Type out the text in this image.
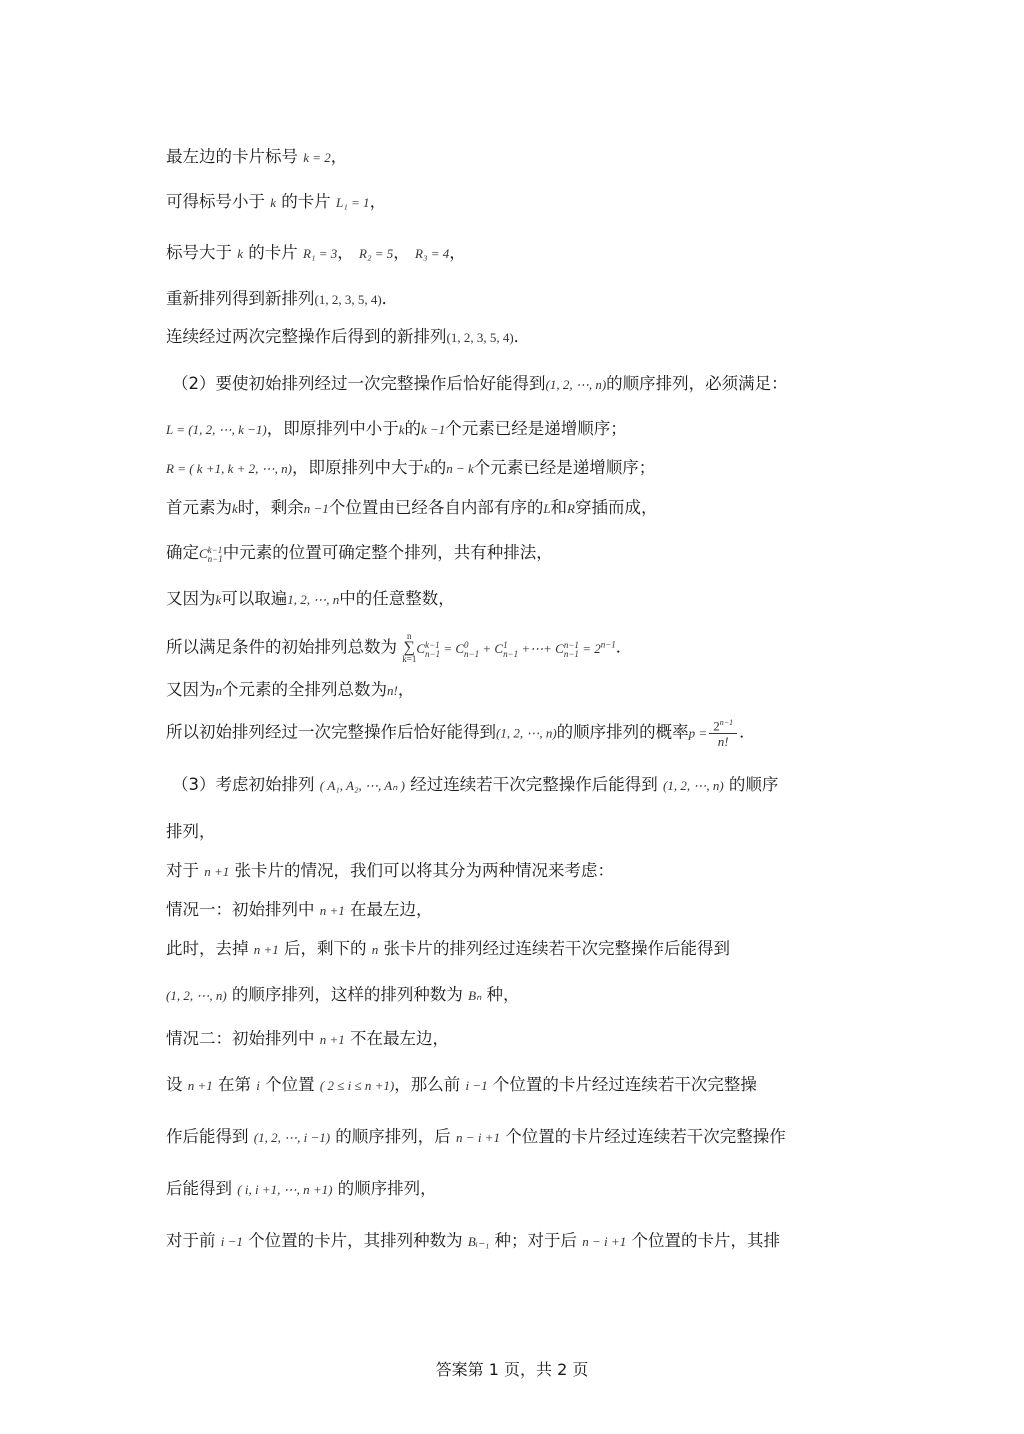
最左边的卡片标号 k = 2，
可得标号小于 k 的卡片 L₁ = 1，
标号大于 k 的卡片 R₁ = 3， R₂ = 5， R₃ = 4，
重新排列得到新排列(1, 2, 3, 5, 4)．
连续经过两次完整操作后得到的新排列(1, 2, 3, 5, 4)．
（2）要使初始排列经过一次完整操作后恰好能得到(1, 2, ⋯, n)的顺序排列，必须满足：
L = (1, 2, ⋯, k −1)，即原排列中小于k的k −1个元素已经是递增顺序；
R = ( k +1, k + 2, ⋯, n)，即原排列中大于k的n − k个元素已经是递增顺序；
首元素为k时，剩余n −1个位置由已经各自内部有序的L和R穿插而成，
确定C k−1
n−1 中元素的位置可确定整个排列，共有种排法，
又因为k可以取遍1, 2, ⋯, n中的任意整数，
所以满足条件的初始排列总数为
n
∑
k=1
C k−1
n−1 = C 0
n−1 + C 1
n−1 +⋯+ C n−1
$n-1 = 2^{n-1}$．
又因为n个元素的全排列总数为n!，
所以初始排列经过一次完整操作后恰好能得到(1, 2, ⋯, n)的顺序排列的概率$p = \frac{2^{n-1}}{n!}$ ．
（3）考虑初始排列 ( A₁, A₂, ⋯, Aₙ ) 经过连续若干次完整操作后能得到 (1, 2, ⋯, n) 的顺序
排列，
对于 n +1 张卡片的情况，我们可以将其分为两种情况来考虑：
情况一：初始排列中 n +1 在最左边，
此时，去掉 n +1 后，剩下的 n 张卡片的排列经过连续若干次完整操作后能得到
(1, 2, ⋯, n) 的顺序排列，这样的排列种数为 Bₙ 种，
情况二：初始排列中 n +1 不在最左边，
设 n +1 在第 i 个位置 ( 2 ≤ i ≤ n +1)，那么前 i −1 个位置的卡片经过连续若干次完整操
作后能得到 (1, 2, ⋯, i −1) 的顺序排列，后 n − i +1 个位置的卡片经过连续若干次完整操作
后能得到 ( i, i +1, ⋯, n +1) 的顺序排列，
对于前 i −1 个位置的卡片，其排列种数为 Bᵢ₋₁ 种；对于后 n − i +1 个位置的卡片，其排
答案第 1 页，共 2 页
